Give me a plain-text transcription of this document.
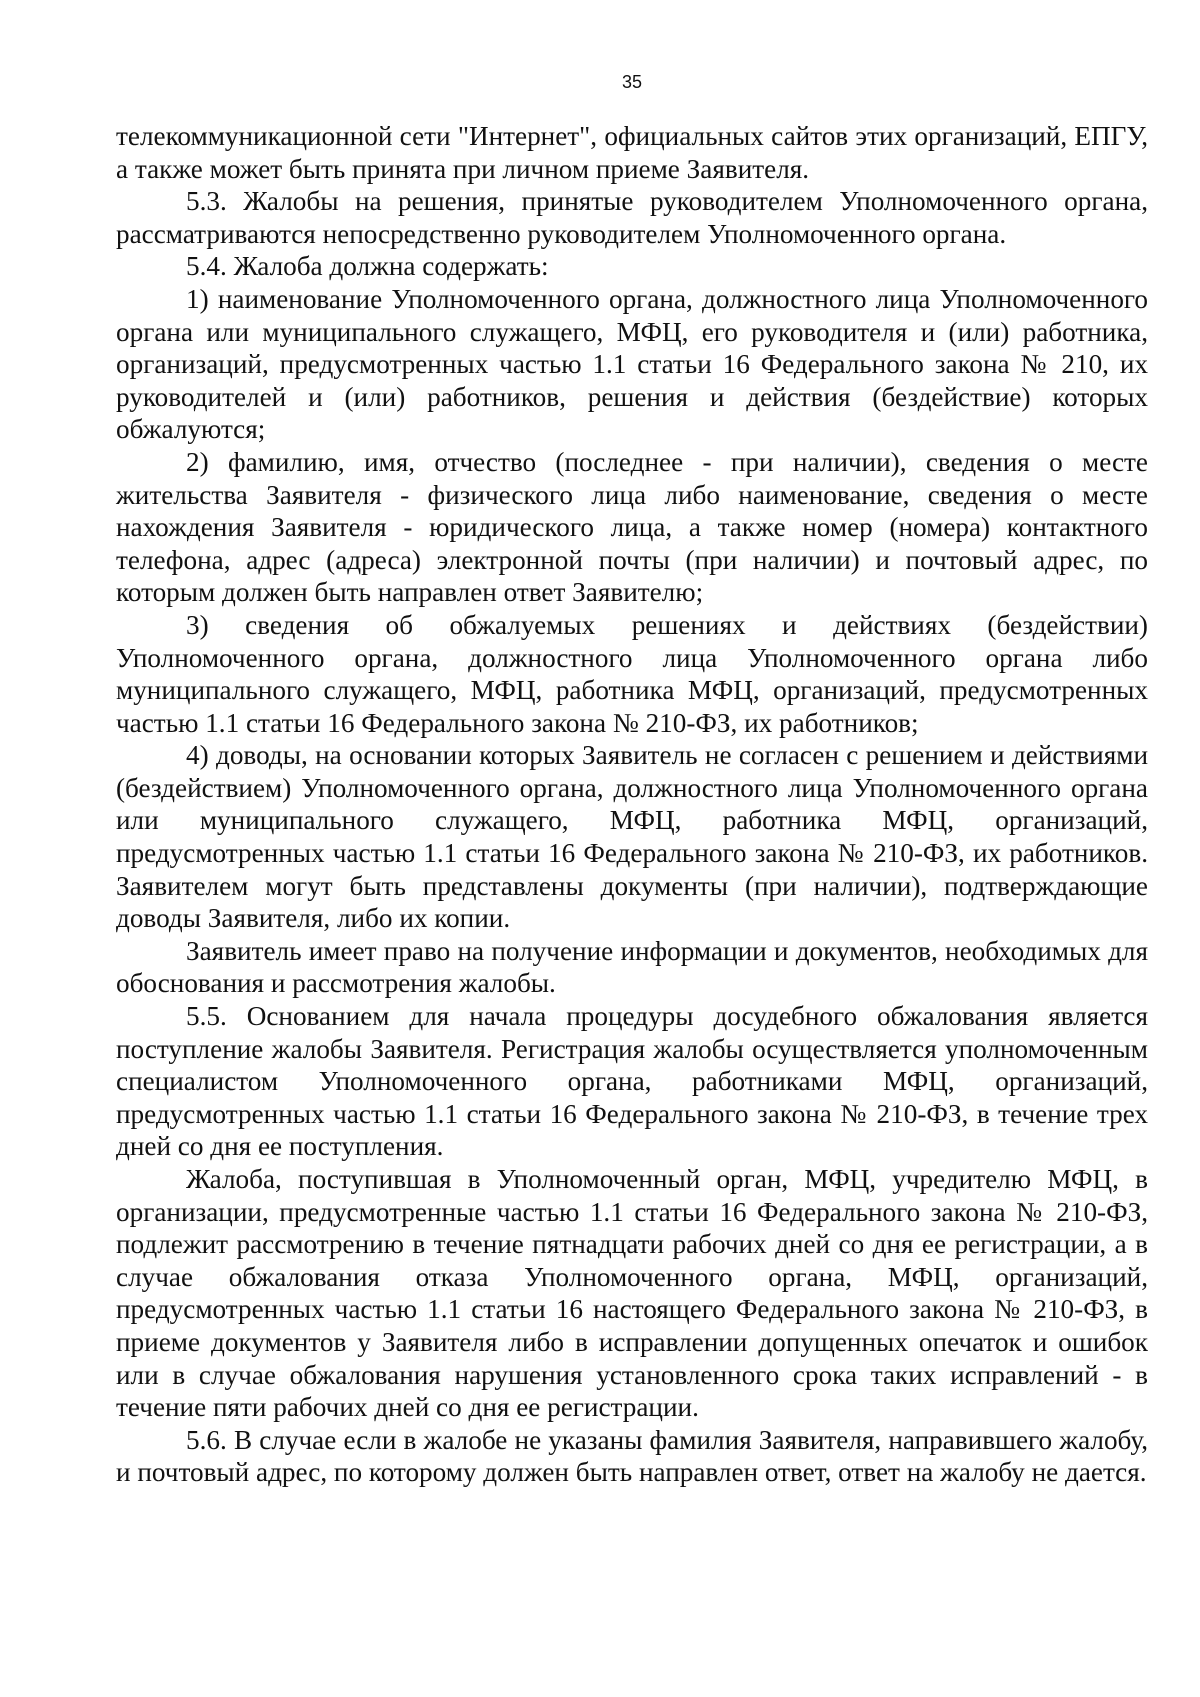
35

телекоммуникационной сети "Интернет", официальных сайтов этих организаций, ЕПГУ, а также может быть принята при личном приеме Заявителя.

5.3. Жалобы на решения, принятые руководителем Уполномоченного органа, рассматриваются непосредственно руководителем Уполномоченного органа.

5.4. Жалоба должна содержать:

1) наименование Уполномоченного органа, должностного лица Уполномоченного органа или муниципального служащего, МФЦ, его руководителя и (или) работника, организаций, предусмотренных частью 1.1 статьи 16 Федерального закона № 210, их руководителей и (или) работников, решения и действия (бездействие) которых обжалуются;

2) фамилию, имя, отчество (последнее - при наличии), сведения о месте жительства Заявителя - физического лица либо наименование, сведения о месте нахождения Заявителя - юридического лица, а также номер (номера) контактного телефона, адрес (адреса) электронной почты (при наличии) и почтовый адрес, по которым должен быть направлен ответ Заявителю;

3) сведения об обжалуемых решениях и действиях (бездействии) Уполномоченного органа, должностного лица Уполномоченного органа либо муниципального служащего, МФЦ, работника МФЦ, организаций, предусмотренных частью 1.1 статьи 16 Федерального закона № 210-ФЗ, их работников;

4) доводы, на основании которых Заявитель не согласен с решением и действиями (бездействием) Уполномоченного органа, должностного лица Уполномоченного органа или муниципального служащего, МФЦ, работника МФЦ, организаций, предусмотренных частью 1.1 статьи 16 Федерального закона № 210-ФЗ, их работников. Заявителем могут быть представлены документы (при наличии), подтверждающие доводы Заявителя, либо их копии.

Заявитель имеет право на получение информации и документов, необходимых для обоснования и рассмотрения жалобы.

5.5. Основанием для начала процедуры досудебного обжалования является поступление жалобы Заявителя. Регистрация жалобы осуществляется уполномоченным специалистом Уполномоченного органа, работниками МФЦ, организаций, предусмотренных частью 1.1 статьи 16 Федерального закона № 210-ФЗ, в течение трех дней со дня ее поступления.

Жалоба, поступившая в Уполномоченный орган, МФЦ, учредителю МФЦ, в организации, предусмотренные частью 1.1 статьи 16 Федерального закона № 210-ФЗ, подлежит рассмотрению в течение пятнадцати рабочих дней со дня ее регистрации, а в случае обжалования отказа Уполномоченного органа, МФЦ, организаций, предусмотренных частью 1.1 статьи 16 настоящего Федерального закона № 210-ФЗ, в приеме документов у Заявителя либо в исправлении допущенных опечаток и ошибок или в случае обжалования нарушения установленного срока таких исправлений - в течение пяти рабочих дней со дня ее регистрации.

5.6. В случае если в жалобе не указаны фамилия Заявителя, направившего жалобу, и почтовый адрес, по которому должен быть направлен ответ, ответ на жалобу не дается.
